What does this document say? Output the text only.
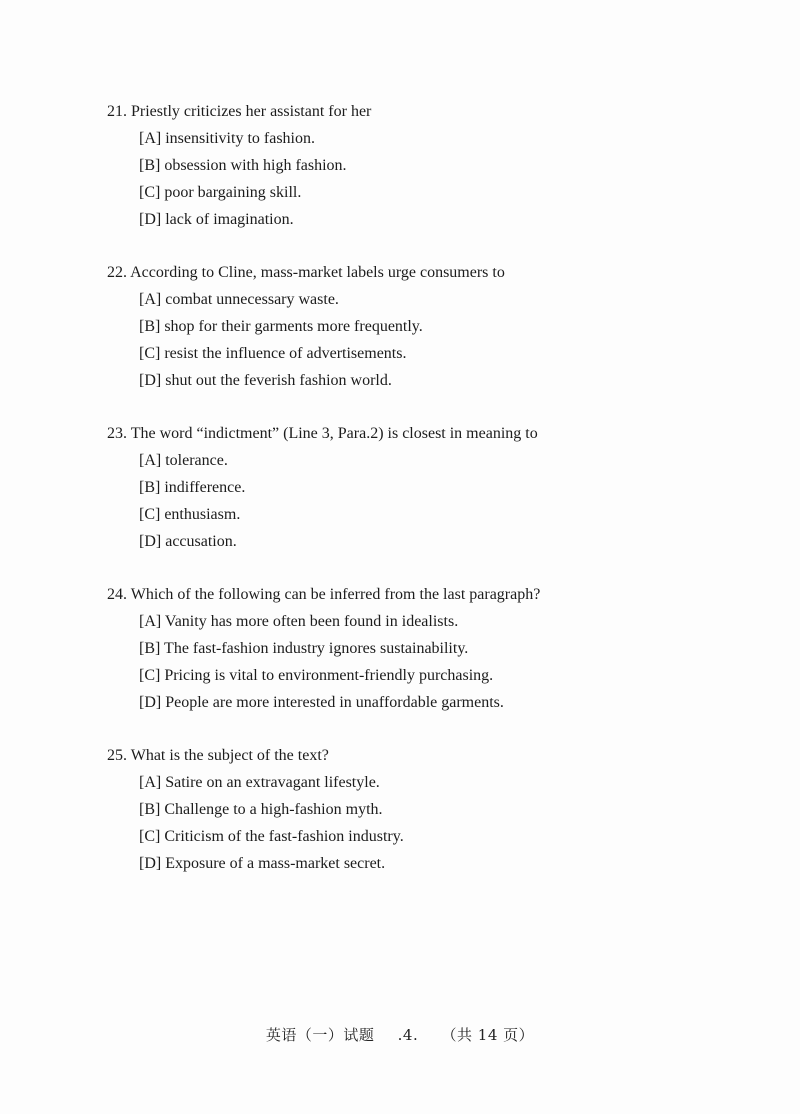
21. Priestly criticizes her assistant for her
[A] insensitivity to fashion.
[B] obsession with high fashion.
[C] poor bargaining skill.
[D] lack of imagination.
22. According to Cline, mass-market labels urge consumers to
[A] combat unnecessary waste.
[B] shop for their garments more frequently.
[C] resist the influence of advertisements.
[D] shut out the feverish fashion world.
23. The word “indictment” (Line 3, Para.2) is closest in meaning to
[A] tolerance.
[B] indifference.
[C] enthusiasm.
[D] accusation.
24. Which of the following can be inferred from the last paragraph?
[A] Vanity has more often been found in idealists.
[B] The fast-fashion industry ignores sustainability.
[C] Pricing is vital to environment-friendly purchasing.
[D] People are more interested in unaffordable garments.
25. What is the subject of the text?
[A] Satire on an extravagant lifestyle.
[B] Challenge to a high-fashion myth.
[C] Criticism of the fast-fashion industry.
[D] Exposure of a mass-market secret.
英语（一）试题 .4. （共 14 页）
